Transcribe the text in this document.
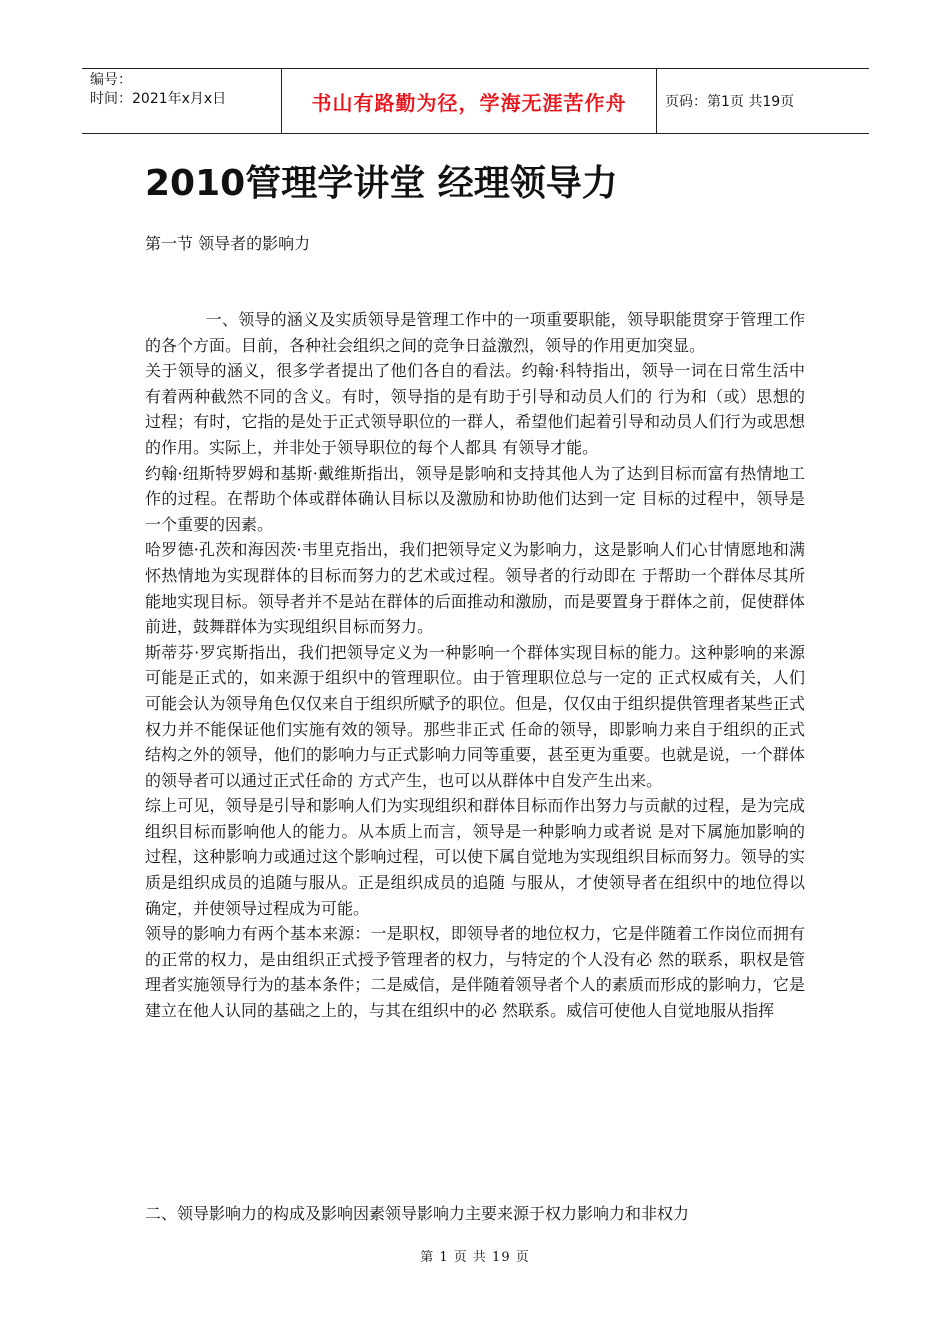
编号：
时间：2021年x月x日	书山有路勤为径，学海无涯苦作舟	页码：第1页 共19页
2010管理学讲堂 经理领导力
第一节 领导者的影响力

一、领导的涵义及实质领导是管理工作中的一项重要职能，领导职能贯穿于管理工作的各个方面。目前，各种社会组织之间的竞争日益激烈，领导的作用更加突显。

关于领导的涵义，很多学者提出了他们各自的看法。约翰·科特指出，领导一词在日常生活中有着两种截然不同的含义。有时，领导指的是有助于引导和动员人们的 行为和（或）思想的过程；有时，它指的是处于正式领导职位的一群人，希望他们起着引导和动员人们行为或思想的作用。实际上，并非处于领导职位的每个人都具 有领导才能。

约翰·纽斯特罗姆和基斯·戴维斯指出，领导是影响和支持其他人为了达到目标而富有热情地工作的过程。在帮助个体或群体确认目标以及激励和协助他们达到一定 目标的过程中，领导是一个重要的因素。

哈罗德·孔茨和海因茨·韦里克指出，我们把领导定义为影响力，这是影响人们心甘情愿地和满怀热情地为实现群体的目标而努力的艺术或过程。领导者的行动即在 于帮助一个群体尽其所能地实现目标。领导者并不是站在群体的后面推动和激励，而是要置身于群体之前，促使群体前进，鼓舞群体为实现组织目标而努力。

斯蒂芬·罗宾斯指出，我们把领导定义为一种影响一个群体实现目标的能力。这种影响的来源可能是正式的，如来源于组织中的管理职位。由于管理职位总与一定的 正式权威有关，人们可能会认为领导角色仅仅来自于组织所赋予的职位。但是，仅仅由于组织提供管理者某些正式权力并不能保证他们实施有效的领导。那些非正式 任命的领导，即影响力来自于组织的正式结构之外的领导，他们的影响力与正式影响力同等重要，甚至更为重要。也就是说，一个群体的领导者可以通过正式任命的 方式产生，也可以从群体中自发产生出来。

综上可见，领导是引导和影响人们为实现组织和群体目标而作出努力与贡献的过程，是为完成组织目标而影响他人的能力。从本质上而言，领导是一种影响力或者说 是对下属施加影响的过程，这种影响力或通过这个影响过程，可以使下属自觉地为实现组织目标而努力。领导的实质是组织成员的追随与服从。正是组织成员的追随 与服从，才使领导者在组织中的地位得以确定，并使领导过程成为可能。

领导的影响力有两个基本来源：一是职权，即领导者的地位权力，它是伴随着工作岗位而拥有的正常的权力，是由组织正式授予管理者的权力，与特定的个人没有必 然的联系，职权是管理者实施领导行为的基本条件；二是威信，是伴随着领导者个人的素质而形成的影响力，它是建立在他人认同的基础之上的，与其在组织中的必 然联系。威信可使他人自觉地服从指挥

二、领导影响力的构成及影响因素领导影响力主要来源于权力影响力和非权力
第 1 页 共 19 页
